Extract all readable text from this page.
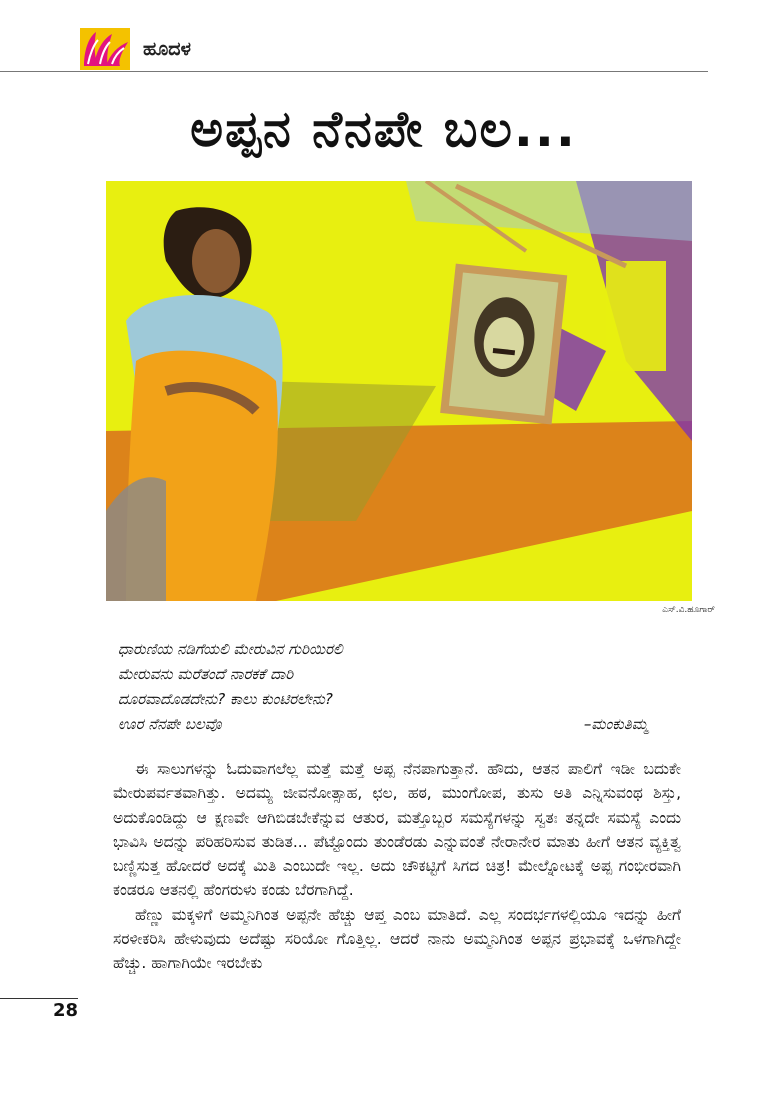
ಹೂದಳ
ಅಪ್ಪನ ನೆನಪೇ ಬಲ...
ಎಸ್.ವಿ.ಹೂಗಾರ್
ಧಾರುಣಿಯ ನಡಿಗೆಯಲಿ ಮೇರುವಿನ ಗುರಿಯಿರಲಿ
ಮೇರುವನು ಮರೆತಂದೆ ನಾರಕಕೆ ದಾರಿ
ದೂರವಾದೊಡದೇನು? ಕಾಲು ಕುಂಟಿರಲೇನು?
ಊರ ನೆನಪೇ ಬಲವೊ	–ಮಂಕುತಿಮ್ಮ

ಈ ಸಾಲುಗಳನ್ನು ಓದುವಾಗಲೆಲ್ಲ ಮತ್ತೆ ಮತ್ತೆ ಅಪ್ಪ ನೆನಪಾಗುತ್ತಾನೆ. ಹೌದು, ಆತನ ಪಾಲಿಗೆ ಇಡೀ ಬದುಕೇ ಮೇರುಪರ್ವತವಾಗಿತ್ತು. ಅದಮ್ಯ ಜೀವನೋತ್ಸಾಹ, ಛಲ, ಹಠ, ಮುಂಗೋಪ, ತುಸು ಅತಿ ಎನ್ನಿಸುವಂಥ ಶಿಸ್ತು, ಅದುಕೊಂಡಿದ್ದು ಆ ಕ್ಷಣವೇ ಆಗಿಬಿಡಬೇಕೆನ್ನುವ ಆತುರ, ಮತ್ತೊಬ್ಬರ ಸಮಸ್ಯೆಗಳನ್ನು ಸ್ವತಃ ತನ್ನದೇ ಸಮಸ್ಯೆ ಎಂದು ಭಾವಿಸಿ ಅದನ್ನು ಪರಿಹರಿಸುವ ತುಡಿತ... ಪೆಟ್ಟೊಂದು ತುಂಡೆರಡು ಎನ್ನುವಂತೆ ನೇರಾನೇರ ಮಾತು ಹೀಗೆ ಆತನ ವ್ಯಕ್ತಿತ್ವ ಬಣ್ಣಿಸುತ್ತ ಹೋದರೆ ಅದಕ್ಕೆ ಮಿತಿ ಎಂಬುದೇ ಇಲ್ಲ. ಅದು ಚೌಕಟ್ಟಿಗೆ ಸಿಗದ ಚಿತ್ರ! ಮೇಲ್ನೋಟಕ್ಕೆ ಅಪ್ಪ ಗಂಭೀರವಾಗಿ ಕಂಡರೂ ಆತನಲ್ಲಿ ಹೆಂಗರುಳು ಕಂಡು ಬೆರಗಾಗಿದ್ದೆ.

ಹೆಣ್ಣು ಮಕ್ಕಳಿಗೆ ಅಮ್ಮನಿಗಿಂತ ಅಪ್ಪನೇ ಹೆಚ್ಚು ಆಪ್ತ ಎಂಬ ಮಾತಿದೆ. ಎಲ್ಲ ಸಂದರ್ಭಗಳಲ್ಲಿಯೂ ಇದನ್ನು ಹೀಗೆ ಸರಳೀಕರಿಸಿ ಹೇಳುವುದು ಅದೆಷ್ಟು ಸರಿಯೋ ಗೊತ್ತಿಲ್ಲ. ಆದರೆ ನಾನು ಅಮ್ಮನಿಗಿಂತ ಅಪ್ಪನ ಪ್ರಭಾವಕ್ಕೆ ಒಳಗಾಗಿದ್ದೇ ಹೆಚ್ಚು. ಹಾಗಾಗಿಯೇ ಇರಬೇಕು

28
